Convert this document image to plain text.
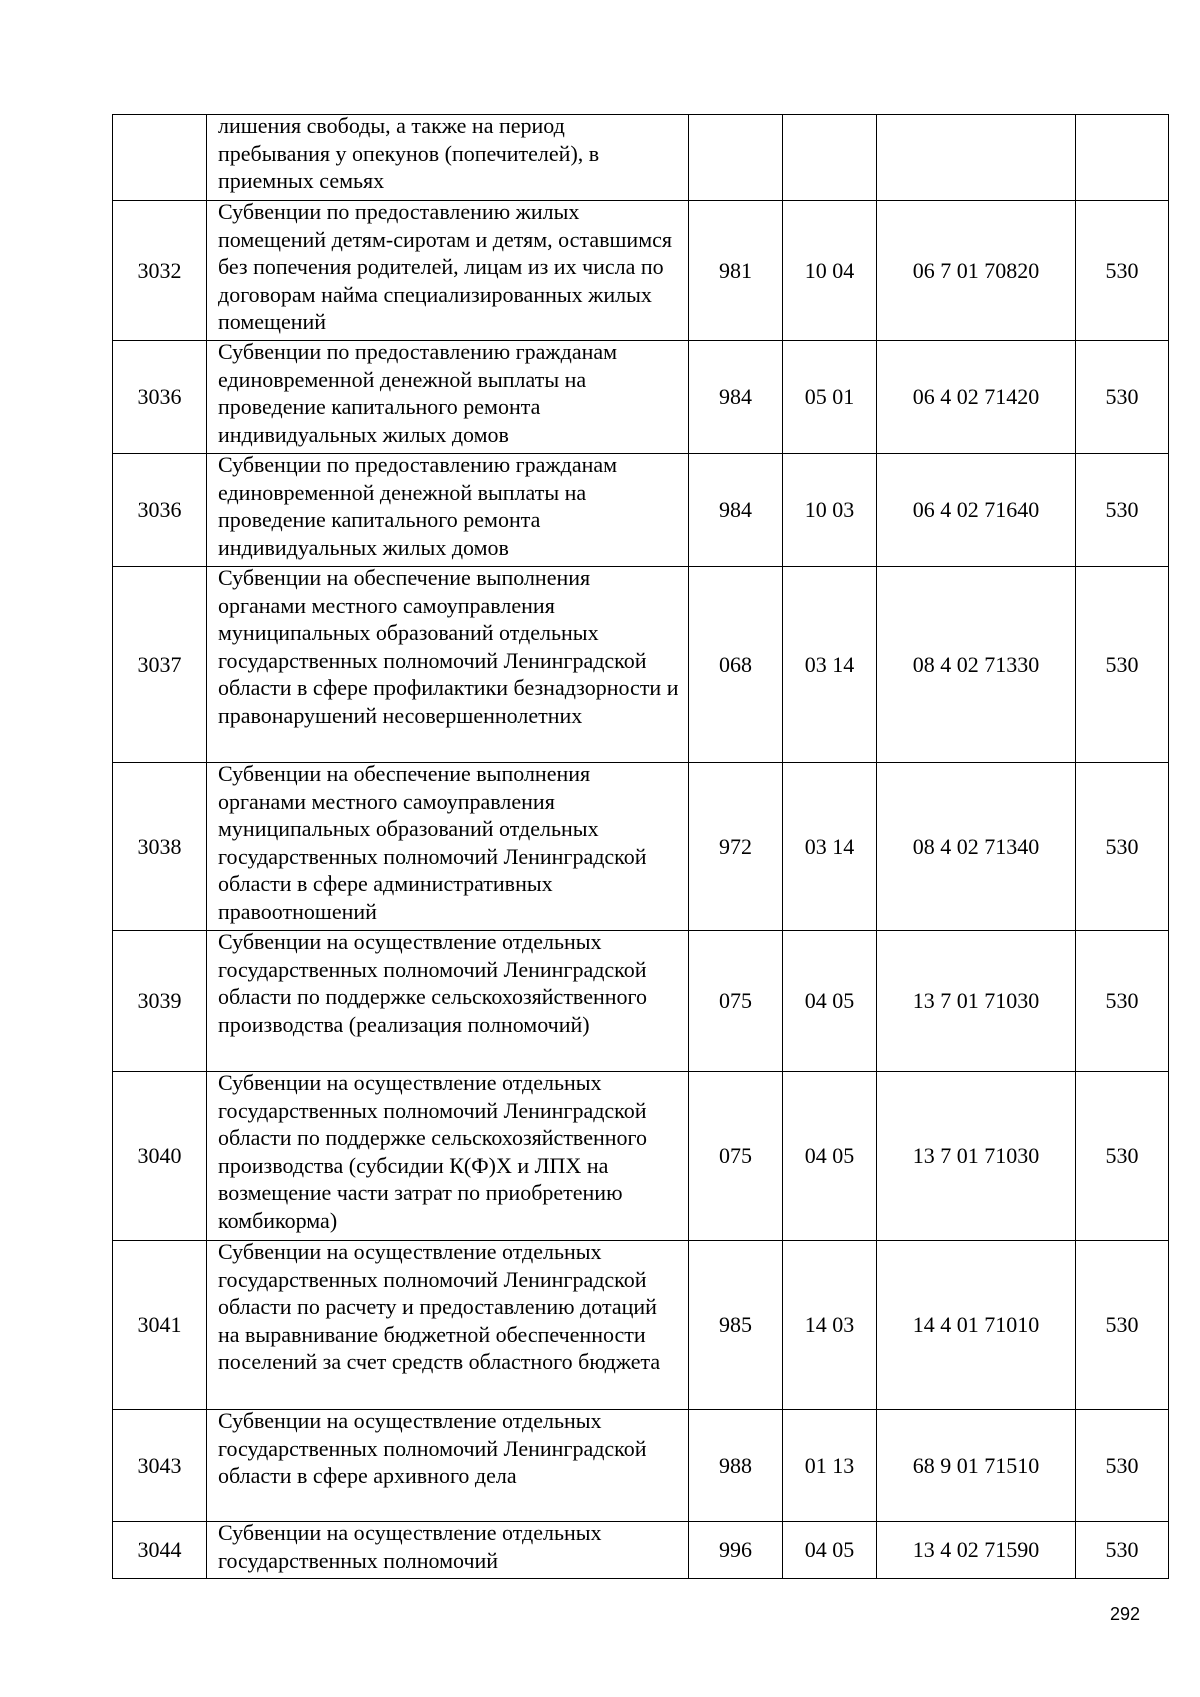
	лишения свободы, а также на период пребывания у опекунов (попечителей), в приемных семьях				

3032	Субвенции по предоставлению жилых помещений детям-сиротам и детям, оставшимся без попечения родителей, лицам из их числа по договорам найма специализированных жилых помещений	981	10 04	06 7 01 70820	530
3036	Субвенции по предоставлению гражданам единовременной денежной выплаты на проведение капитального ремонта индивидуальных жилых домов	984	05 01	06 4 02 71420	530
3036	Субвенции по предоставлению гражданам единовременной денежной выплаты на проведение капитального ремонта индивидуальных жилых домов	984	10 03	06 4 02 71640	530
3037	Субвенции на обеспечение выполнения органами местного самоуправления муниципальных образований отдельных государственных полномочий Ленинградской области в сфере профилактики безнадзорности и правонарушений несовершеннолетних	068	03 14	08 4 02 71330	530
3038	Субвенции на обеспечение выполнения органами местного самоуправления муниципальных образований отдельных государственных полномочий Ленинградской области в сфере административных правоотношений	972	03 14	08 4 02 71340	530
3039	Субвенции на осуществление отдельных государственных полномочий Ленинградской области по поддержке сельскохозяйственного производства (реализация полномочий)	075	04 05	13 7 01 71030	530
3040	Субвенции на осуществление отдельных государственных полномочий Ленинградской области по поддержке сельскохозяйственного производства (субсидии К(Ф)Х и ЛПХ на возмещение части затрат по приобретению комбикорма)	075	04 05	13 7 01 71030	530
3041	Субвенции на осуществление отдельных государственных полномочий Ленинградской области по расчету и предоставлению дотаций на выравнивание бюджетной обеспеченности поселений за счет средств областного бюджета	985	14 03	14 4 01 71010	530
3043	Субвенции на осуществление отдельных государственных полномочий Ленинградской области в сфере архивного дела	988	01 13	68 9 01 71510	530
3044	Субвенции на осуществление отдельных государственных полномочий	996	04 05	13 4 02 71590	530
292
